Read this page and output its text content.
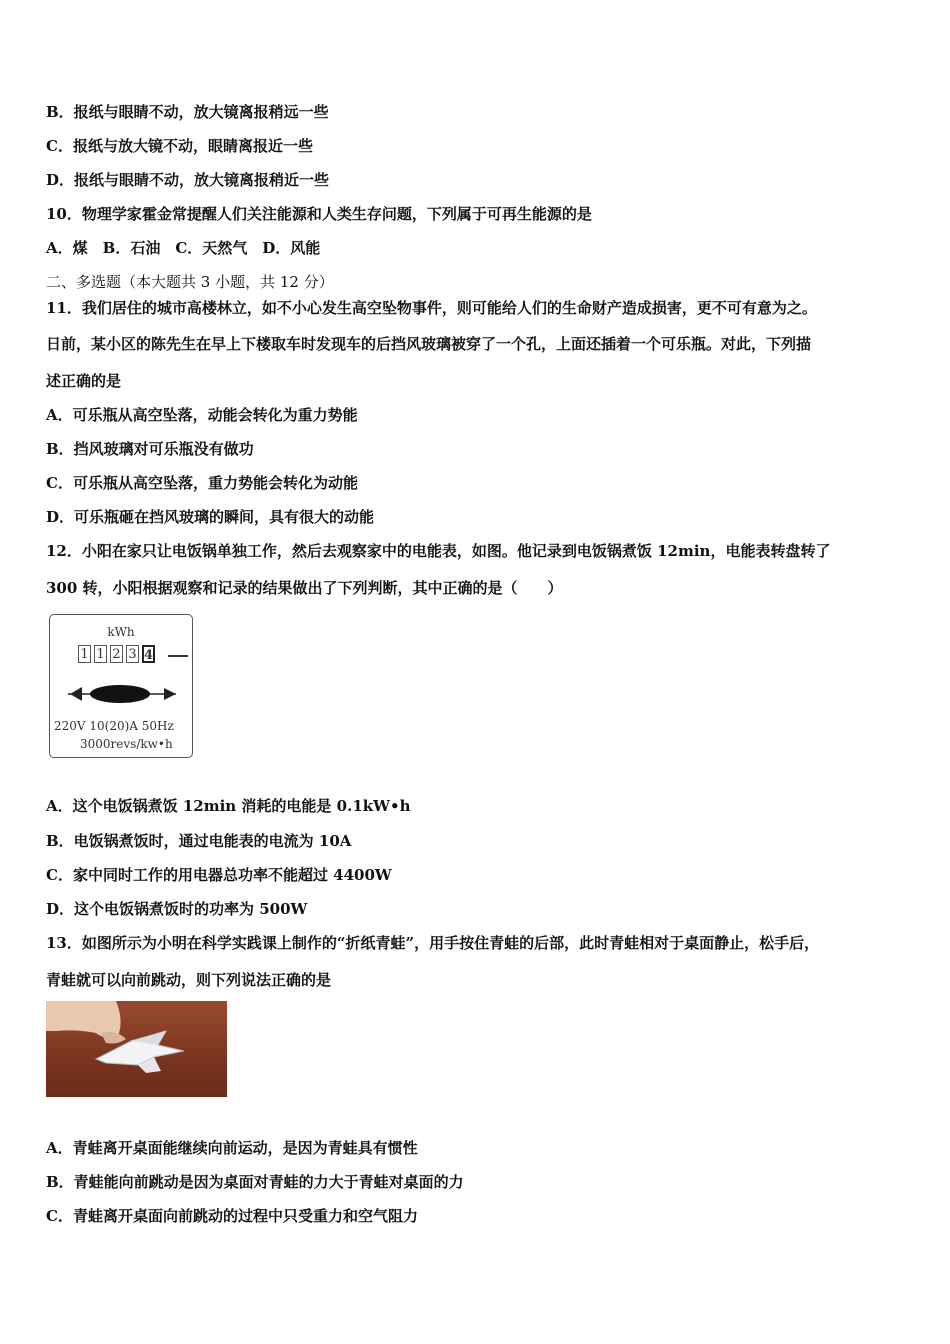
B．报纸与眼睛不动，放大镜离报稍远一些
C．报纸与放大镜不动，眼睛离报近一些
D．报纸与眼睛不动，放大镜离报稍近一些
10．物理学家霍金常提醒人们关注能源和人类生存问题，下列属于可再生能源的是
A．煤　B．石油　C．天然气　D．风能
二、多选题（本大题共 3 小题，共 12 分）
11．我们居住的城市高楼林立，如不小心发生高空坠物事件，则可能给人们的生命财产造成损害，更不可有意为之。
日前，某小区的陈先生在早上下楼取车时发现车的后挡风玻璃被穿了一个孔，上面还插着一个可乐瓶。对此，下列描
述正确的是
A．可乐瓶从高空坠落，动能会转化为重力势能
B．挡风玻璃对可乐瓶没有做功
C．可乐瓶从高空坠落，重力势能会转化为动能
D．可乐瓶砸在挡风玻璃的瞬间，具有很大的动能
12．小阳在家只让电饭锅单独工作，然后去观察家中的电能表，如图。他记录到电饭锅煮饭 12min，电能表转盘转了
300 转，小阳根据观察和记录的结果做出了下列判断，其中正确的是（　　）
kWh
1 1 2 3 4
220V 10(20)A 50Hz
3000revs/kw•h
A．这个电饭锅煮饭 12min 消耗的电能是 0.1kW•h
B．电饭锅煮饭时，通过电能表的电流为 10A
C．家中同时工作的用电器总功率不能超过 4400W
D．这个电饭锅煮饭时的功率为 500W
13．如图所示为小明在科学实践课上制作的“折纸青蛙”，用手按住青蛙的后部，此时青蛙相对于桌面静止，松手后，
青蛙就可以向前跳动，则下列说法正确的是
A．青蛙离开桌面能继续向前运动，是因为青蛙具有惯性
B．青蛙能向前跳动是因为桌面对青蛙的力大于青蛙对桌面的力
C．青蛙离开桌面向前跳动的过程中只受重力和空气阻力
